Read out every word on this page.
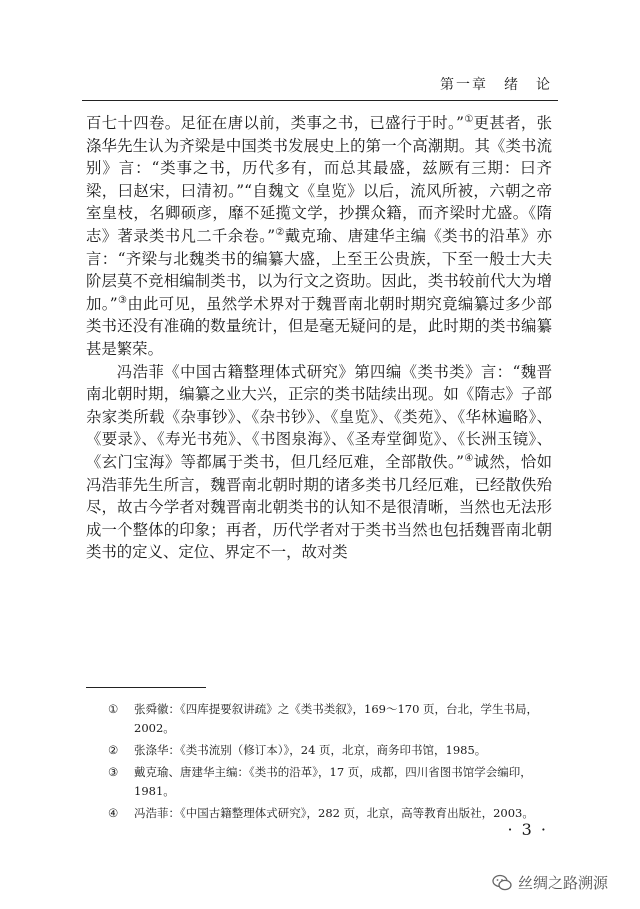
第一章　绪　论

百七十四卷。足征在唐以前，类事之书，已盛行于时。”①更甚者，张涤华先生认为齐梁是中国类书发展史上的第一个高潮期。其《类书流别》言：“类事之书，历代多有，而总其最盛，兹厥有三期：曰齐梁，曰赵宋，曰清初。”“自魏文《皇览》以后，流风所被，六朝之帝室皇枝，名卿硕彦，靡不延揽文学，抄撰众籍，而齐梁时尤盛。《隋志》著录类书凡二千余卷。”②戴克瑜、唐建华主编《类书的沿革》亦言：“齐梁与北魏类书的编纂大盛，上至王公贵族，下至一般士大夫阶层莫不竞相编制类书，以为行文之资助。因此，类书较前代大为增加。”③由此可见，虽然学术界对于魏晋南北朝时期究竟编纂过多少部类书还没有准确的数量统计，但是毫无疑问的是，此时期的类书编纂甚是繁荣。

冯浩菲《中国古籍整理体式研究》第四编《类书类》言：“魏晋南北朝时期，编纂之业大兴，正宗的类书陆续出现。如《隋志》子部杂家类所载《杂事钞》、《杂书钞》、《皇览》、《类苑》、《华林遍略》、《要录》、《寿光书苑》、《书图泉海》、《圣寿堂御览》、《长洲玉镜》、《玄门宝海》等都属于类书，但几经厄难，全部散佚。”④诚然，恰如冯浩菲先生所言，魏晋南北朝时期的诸多类书几经厄难，已经散佚殆尽，故古今学者对魏晋南北朝类书的认知不是很清晰，当然也无法形成一个整体的印象；再者，历代学者对于类书当然也包括魏晋南北朝类书的定义、定位、界定不一，故对类

①	张舜徽：《四库提要叙讲疏》之《类书类叙》，169～170 页，台北，学生书局，2002。
②	张涤华：《类书流别（修订本）》，24 页，北京，商务印书馆，1985。
③	戴克瑜、唐建华主编：《类书的沿革》，17 页，成都，四川省图书馆学会编印，1981。
④	冯浩菲：《中国古籍整理体式研究》，282 页，北京，高等教育出版社，2003。
· 3 ·
丝绸之路溯源
